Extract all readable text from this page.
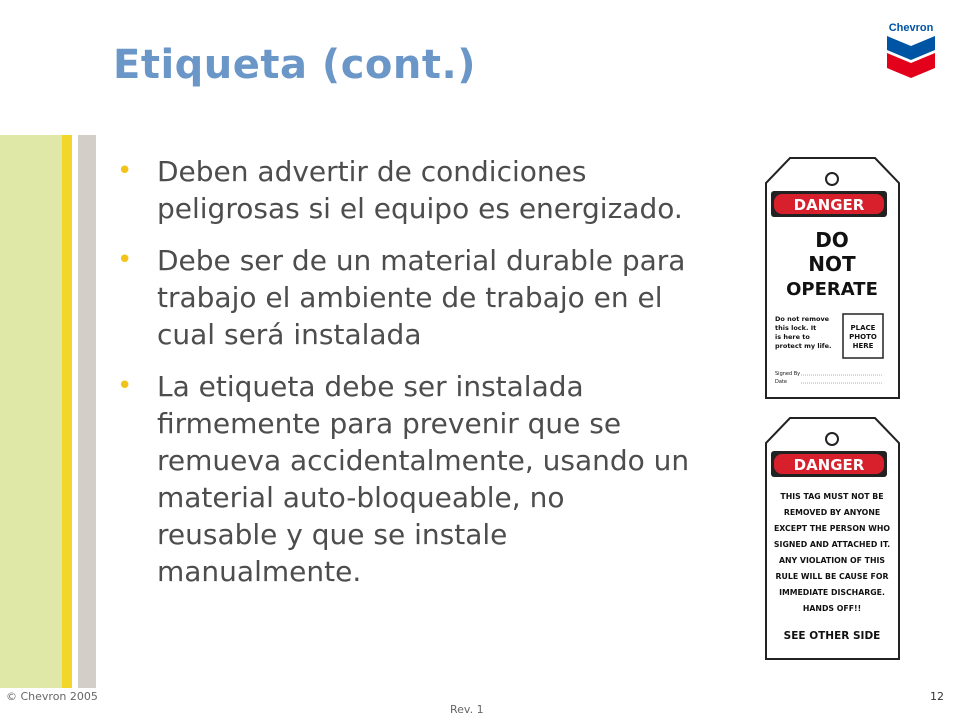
Etiqueta (cont.)
Chevron
• Deben advertir de condiciones
peligrosas si el equipo es energizado.
• Debe ser de un material durable para
trabajo el ambiente de trabajo en el
cual será instalada
• La etiqueta debe ser instalada
firmemente para prevenir que se
remueva accidentalmente, usando un
material auto-bloqueable, no
reusable y que se instale
manualmente.
DANGER
DO
NOT
OPERATE
Do not remove
this lock. It
is here to
protect my life.
PLACE
PHOTO
HERE
Signed By
Date
DANGER
THIS TAG MUST NOT BE
REMOVED BY ANYONE
EXCEPT THE PERSON WHO
SIGNED AND ATTACHED IT.
ANY VIOLATION OF THIS
RULE WILL BE CAUSE FOR
IMMEDIATE DISCHARGE.
HANDS OFF!!
SEE OTHER SIDE
© Chevron 2005
Rev. 1
12
